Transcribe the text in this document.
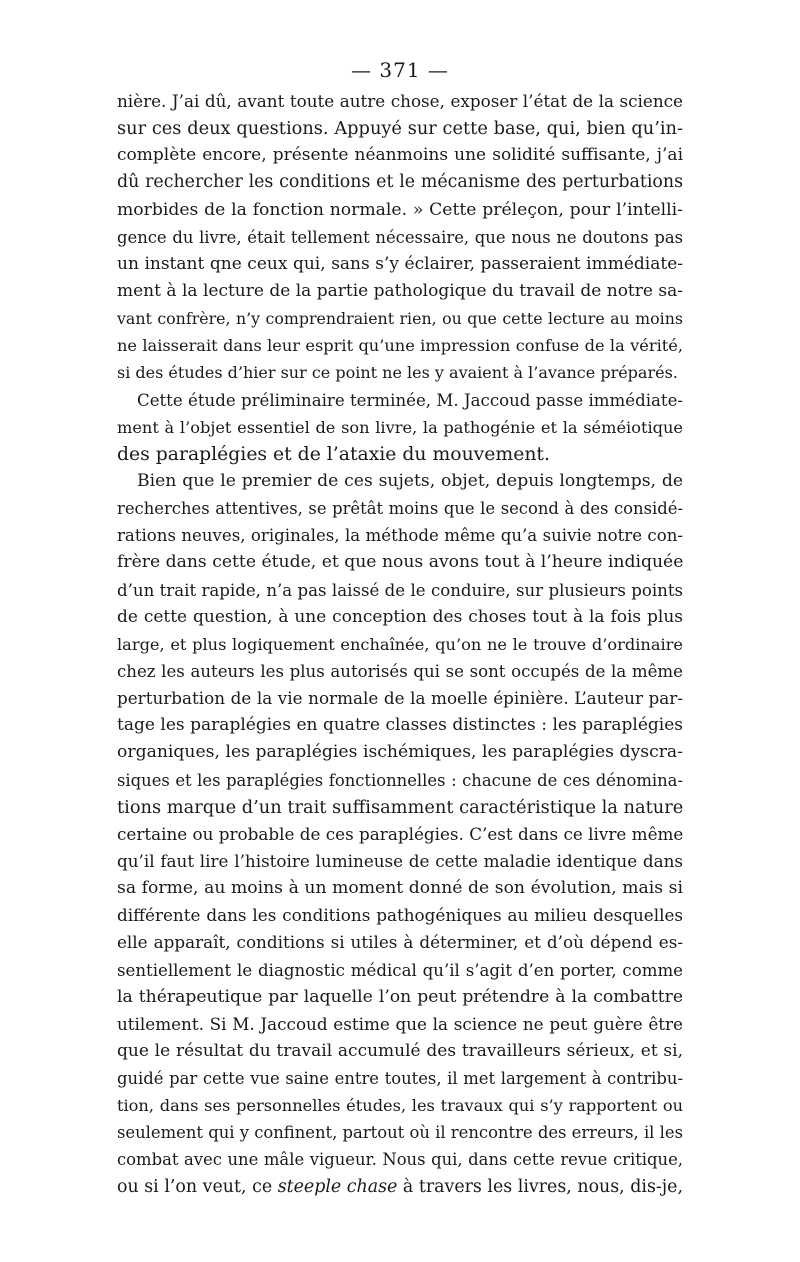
— 371 —
nière. J’ai dû, avant toute autre chose, exposer l’état de la science
sur ces deux questions. Appuyé sur cette base, qui, bien qu’in-
complète encore, présente néanmoins une solidité suffisante, j’ai
dû rechercher les conditions et le mécanisme des perturbations
morbides de la fonction normale. » Cette préleçon, pour l’intelli-
gence du livre, était tellement nécessaire, que nous ne doutons pas
un instant qne ceux qui, sans s’y éclairer, passeraient immédiate-
ment à la lecture de la partie pathologique du travail de notre sa-
vant confrère, n’y comprendraient rien, ou que cette lecture au moins
ne laisserait dans leur esprit qu’une impression confuse de la vérité,
si des études d’hier sur ce point ne les y avaient à l’avance préparés.
Cette étude préliminaire terminée, M. Jaccoud passe immédiate-
ment à l’objet essentiel de son livre, la pathogénie et la séméiotique
des paraplégies et de l’ataxie du mouvement.
Bien que le premier de ces sujets, objet, depuis longtemps, de
recherches attentives, se prêtât moins que le second à des considé-
rations neuves, originales, la méthode même qu’a suivie notre con-
frère dans cette étude, et que nous avons tout à l’heure indiquée
d’un trait rapide, n’a pas laissé de le conduire, sur plusieurs points
de cette question, à une conception des choses tout à la fois plus
large, et plus logiquement enchaînée, qu’on ne le trouve d’ordinaire
chez les auteurs les plus autorisés qui se sont occupés de la même
perturbation de la vie normale de la moelle épinière. L’auteur par-
tage les paraplégies en quatre classes distinctes : les paraplégies
organiques, les paraplégies ischémiques, les paraplégies dyscra-
siques et les paraplégies fonctionnelles : chacune de ces dénomina-
tions marque d’un trait suffisamment caractéristique la nature
certaine ou probable de ces paraplégies. C’est dans ce livre même
qu’il faut lire l’histoire lumineuse de cette maladie identique dans
sa forme, au moins à un moment donné de son évolution, mais si
différente dans les conditions pathogéniques au milieu desquelles
elle apparaît, conditions si utiles à déterminer, et d’où dépend es-
sentiellement le diagnostic médical qu’il s’agit d’en porter, comme
la thérapeutique par laquelle l’on peut prétendre à la combattre
utilement. Si M. Jaccoud estime que la science ne peut guère être
que le résultat du travail accumulé des travailleurs sérieux, et si,
guidé par cette vue saine entre toutes, il met largement à contribu-
tion, dans ses personnelles études, les travaux qui s’y rapportent ou
seulement qui y confinent, partout où il rencontre des erreurs, il les
combat avec une mâle vigueur. Nous qui, dans cette revue critique,
ou si l’on veut, ce steeple chase à travers les livres, nous, dis-je,
